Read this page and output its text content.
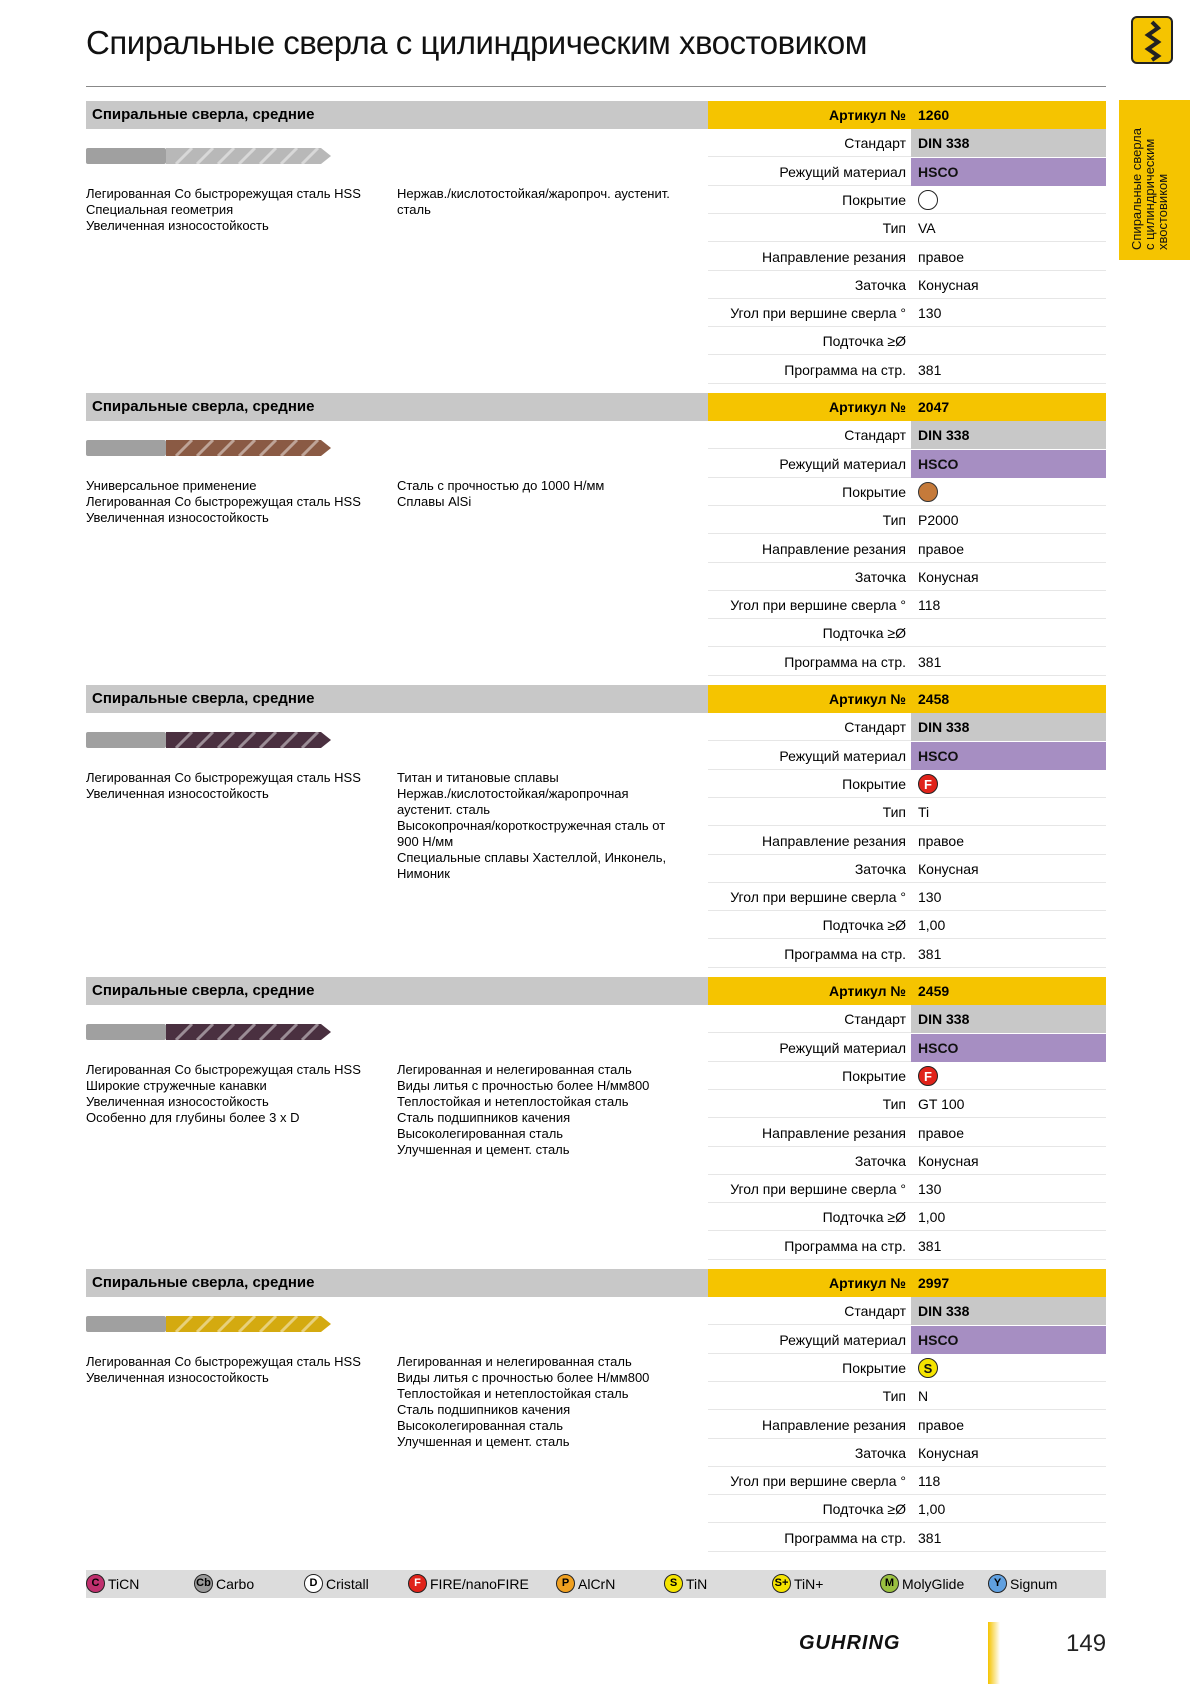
Спиральные сверла с цилиндрическим хвостовиком
Спиральные сверла
с цилиндрическим
хвостовиком
Спиральные сверла, средние	Артикул № 1260
Стандарт DIN 338
Режущий материал HSCO
Покрытие
Тип VA
Направление резания правое
Заточка Конусная
Угол при вершине сверла ° 130
Подточка ≥Ø
Программа на стр. 381
Легированная Co быстрорежущая сталь HSS
Специальная геометрия
Увеличенная износостойкость
Нержав./кислотостойкая/жаропроч. аустенит.
сталь
Спиральные сверла, средние	Артикул № 2047
Стандарт DIN 338
Режущий материал HSCO
Покрытие
Тип P2000
Направление резания правое
Заточка Конусная
Угол при вершине сверла ° 118
Подточка ≥Ø
Программа на стр. 381
Универсальное применение
Легированная Co быстрорежущая сталь HSS
Увеличенная износостойкость
Сталь с прочностью до 1000 Н/мм
Сплавы AlSi
Спиральные сверла, средние	Артикул № 2458
Стандарт DIN 338
Режущий материал HSCO
Покрытие	F
Тип Ti
Направление резания правое
Заточка Конусная
Угол при вершине сверла ° 130
Подточка ≥Ø 1,00
Программа на стр. 381
Легированная Co быстрорежущая сталь HSS
Увеличенная износостойкость
Титан и титановые сплавы
Нержав./кислотостойкая/жаропрочная
аустенит. сталь
Высокопрочная/короткостружечная сталь от
900 Н/мм
Специальные сплавы Хастеллой, Инконель,
Нимоник
Спиральные сверла, средние	Артикул № 2459
Стандарт DIN 338
Режущий материал HSCO
Покрытие	F
Тип GT 100
Направление резания правое
Заточка Конусная
Угол при вершине сверла ° 130
Подточка ≥Ø 1,00
Программа на стр. 381
Легированная Co быстрорежущая сталь HSS
Широкие стружечные канавки
Увеличенная износостойкость
Особенно для глубины более 3 x D
Легированная и нелегированная сталь
Виды литья с прочностью более Н/мм800
Теплостойкая и нетеплостойкая сталь
Сталь подшипников качения
Высоколегированная сталь
Улучшенная и цемент. сталь
Спиральные сверла, средние	Артикул № 2997
Стандарт DIN 338
Режущий материал HSCO
Покрытие	S
Тип N
Направление резания правое
Заточка Конусная
Угол при вершине сверла ° 118
Подточка ≥Ø 1,00
Программа на стр. 381
Легированная Co быстрорежущая сталь HSS
Увеличенная износостойкость
Легированная и нелегированная сталь
Виды литья с прочностью более Н/мм800
Теплостойкая и нетеплостойкая сталь
Сталь подшипников качения
Высоколегированная сталь
Улучшенная и цемент. сталь
C TiCN	Cb Carbo	D Cristall	F FIRE/nanoFIRE	P AlCrN	S TiN	S+ TiN+	M MolyGlide	Y Signum
GUHRING	149
